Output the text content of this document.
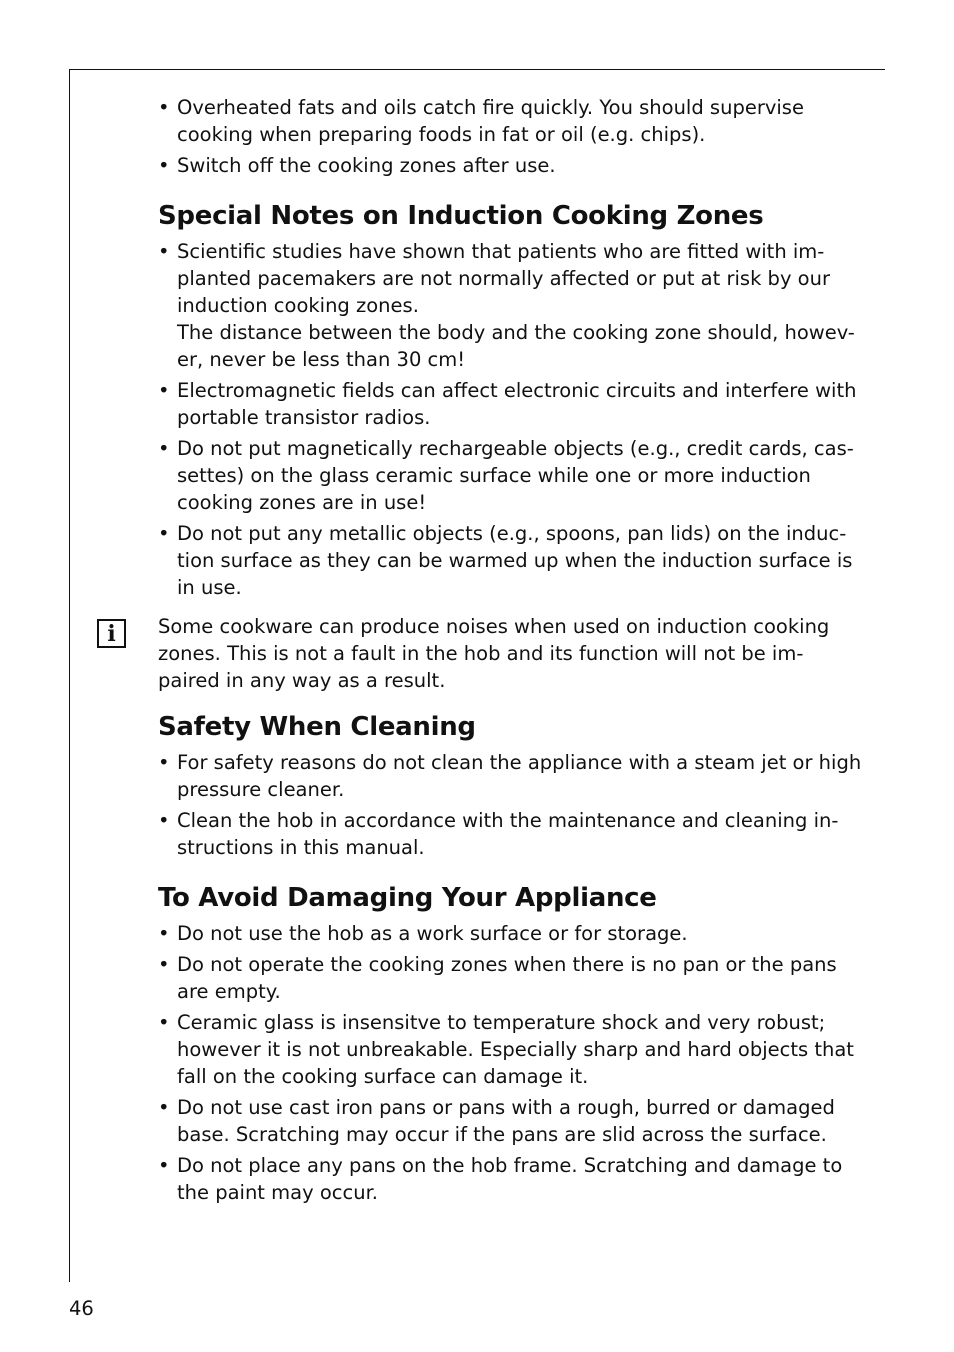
• Overheated fats and oils catch fire quickly. You should supervise cooking when preparing foods in fat or oil (e.g. chips).

• Switch off the cooking zones after use.

Special Notes on Induction Cooking Zones

• Scientific studies have shown that patients who are fitted with im- planted pacemakers are not normally affected or put at risk by our induction cooking zones.

The distance between the body and the cooking zone should, howev- er, never be less than 30 cm!

• Electromagnetic fields can affect electronic circuits and interfere with portable transistor radios.

• Do not put magnetically rechargeable objects (e.g., credit cards, cas- settes) on the glass ceramic surface while one or more induction cooking zones are in use!

• Do not put any metallic objects (e.g., spoons, pan lids) on the induc- tion surface as they can be warmed up when the induction surface is in use.

i Some cookware can produce noises when used on induction cooking zones. This is not a fault in the hob and its function will not be im- paired in any way as a result.

Safety When Cleaning

• For safety reasons do not clean the appliance with a steam jet or high pressure cleaner.

• Clean the hob in accordance with the maintenance and cleaning in- structions in this manual.

To Avoid Damaging Your Appliance

• Do not use the hob as a work surface or for storage.

• Do not operate the cooking zones when there is no pan or the pans are empty.

• Ceramic glass is insensitve to temperature shock and very robust; however it is not unbreakable. Especially sharp and hard objects that fall on the cooking surface can damage it.

• Do not use cast iron pans or pans with a rough, burred or damaged base. Scratching may occur if the pans are slid across the surface.

• Do not place any pans on the hob frame. Scratching and damage to the paint may occur.

46
